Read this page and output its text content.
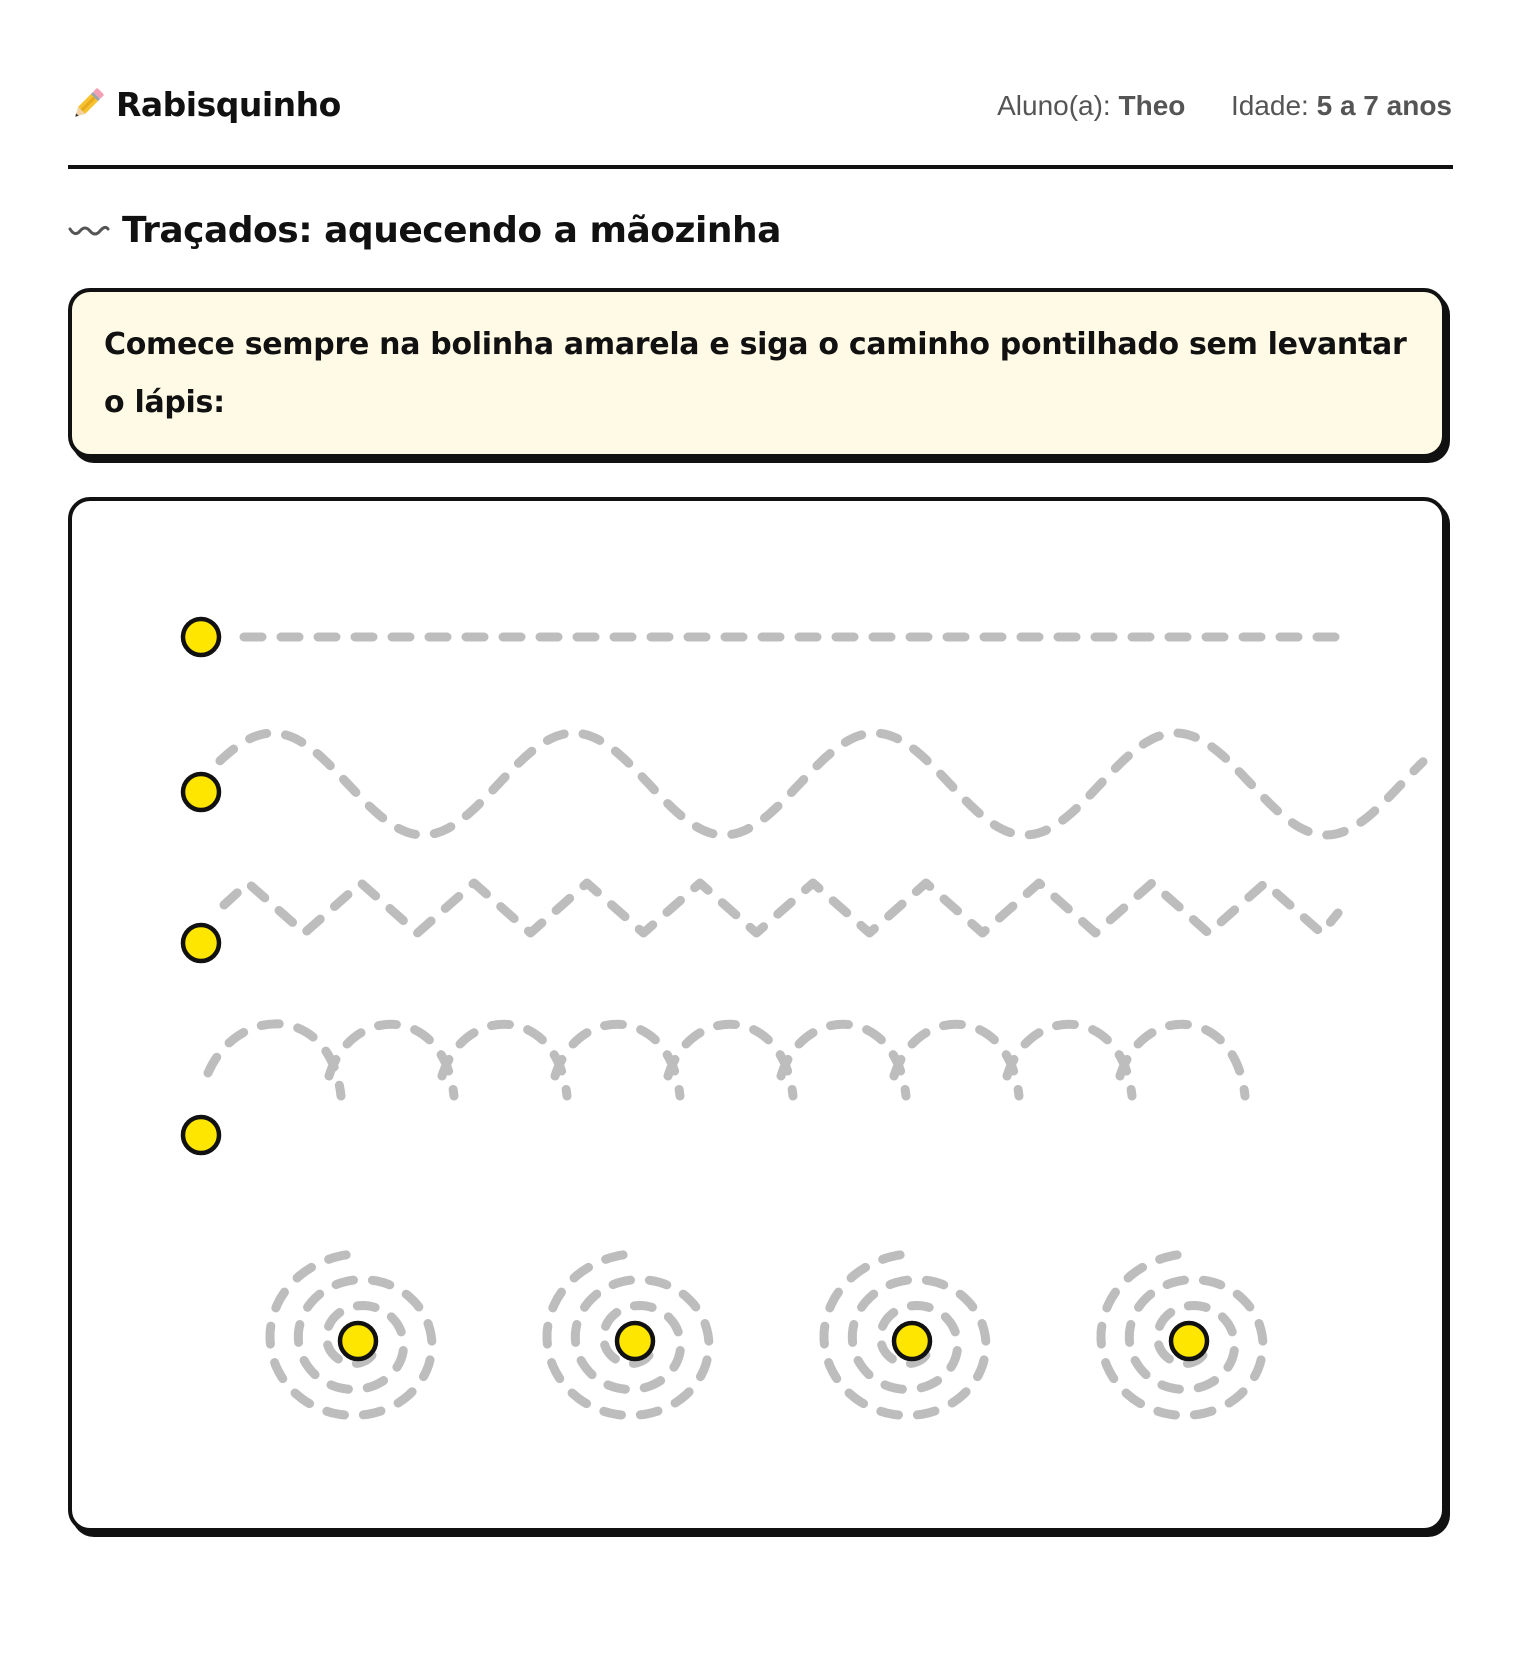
Rabisquinho	Aluno(a): Theo Idade: 5 a 7 anos
Traçados: aquecendo a mãozinha
Comece sempre na bolinha amarela e siga o caminho pontilhado sem levantar o lápis:
